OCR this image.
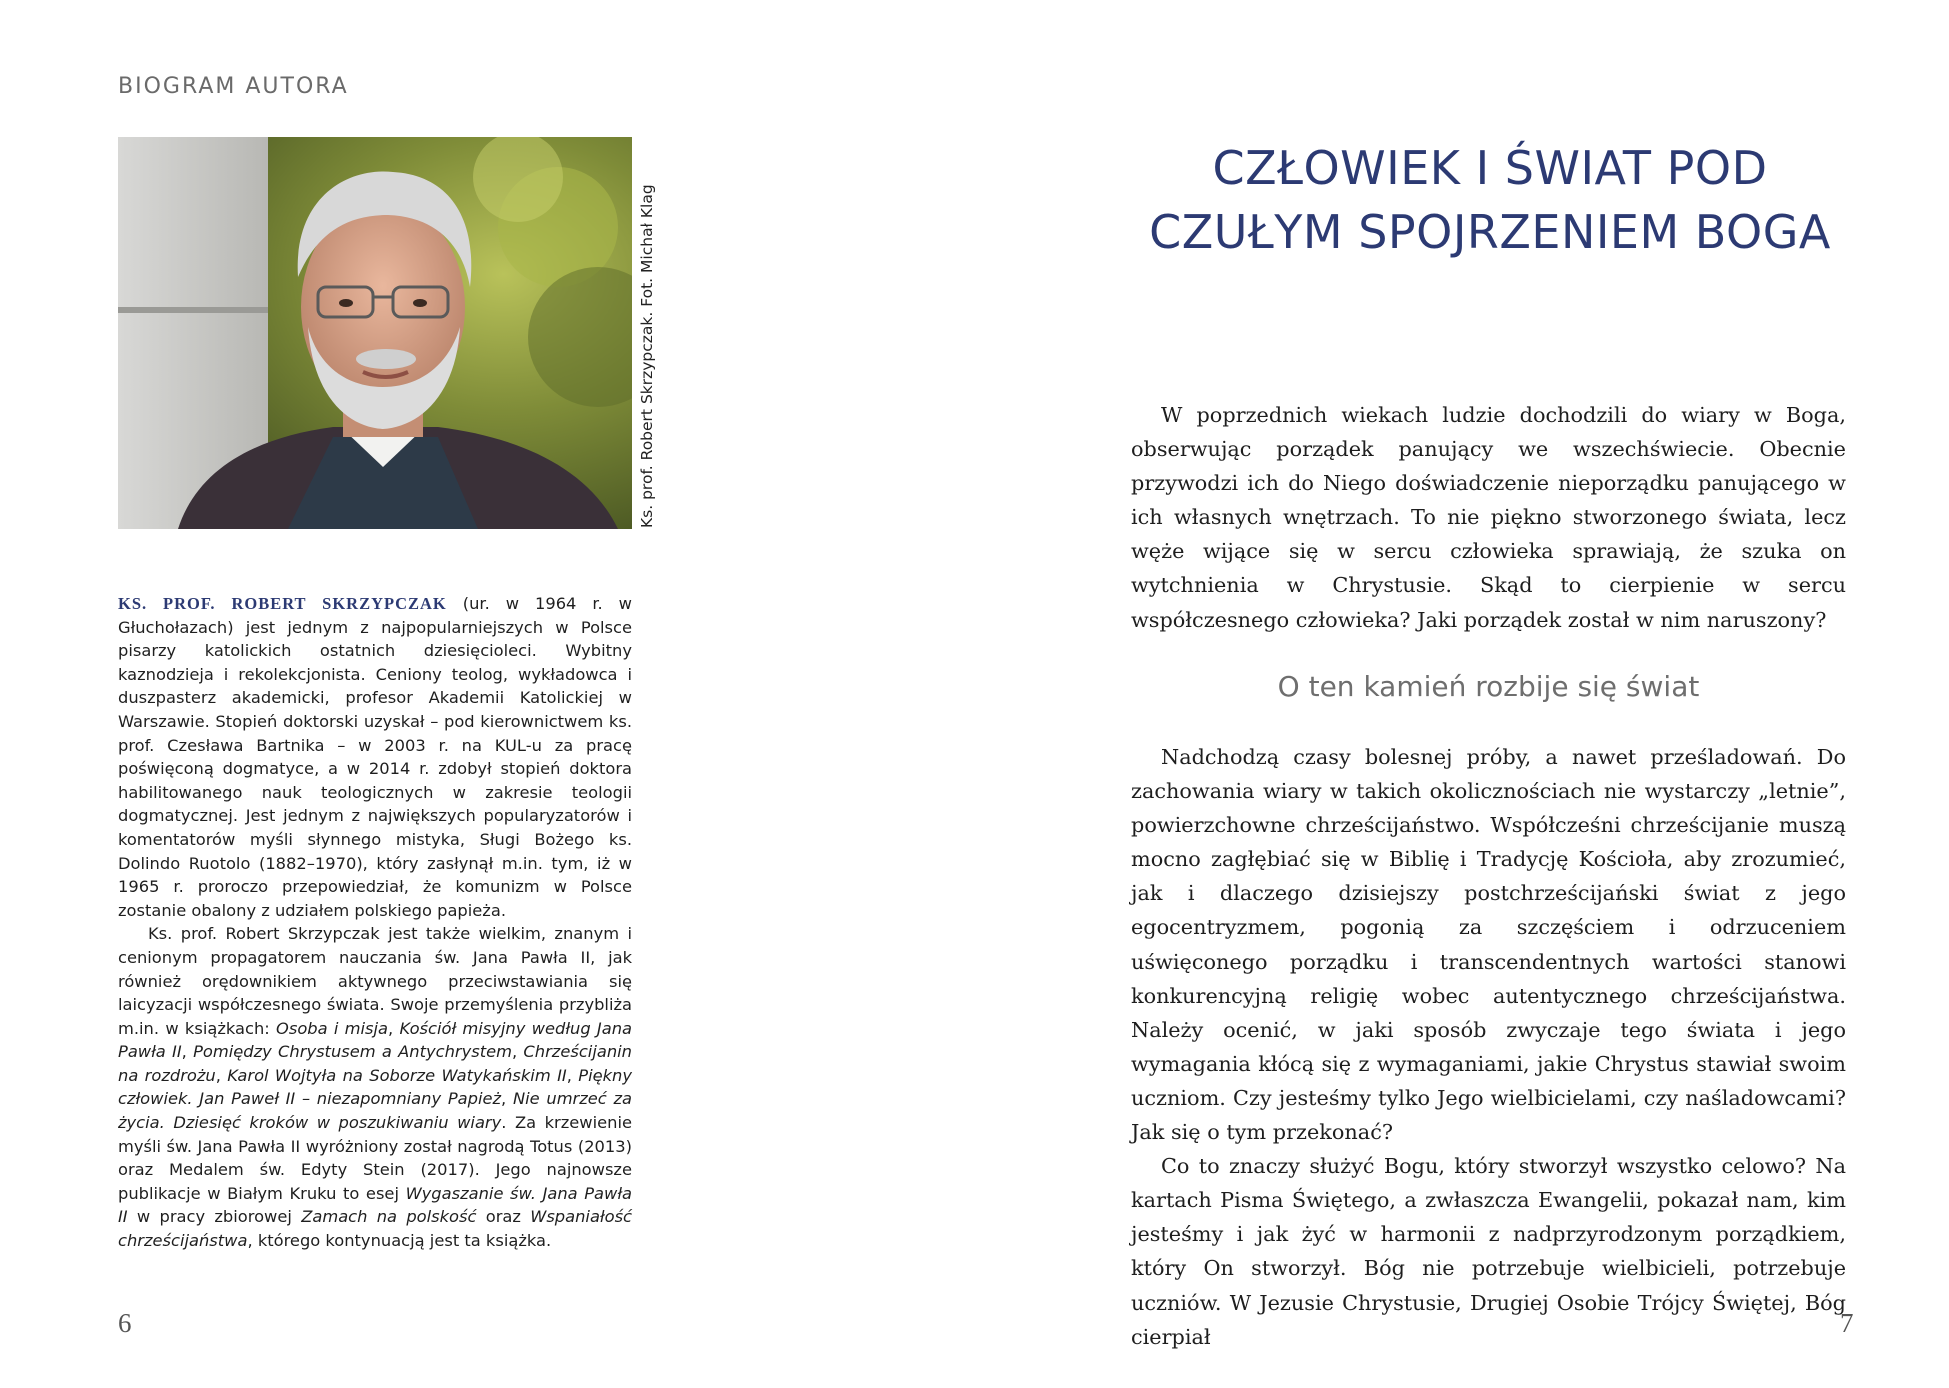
BIOGRAM AUTORA
Ks. prof. Robert Skrzypczak. Fot. Michał Klag

KS. PROF. ROBERT SKRZYPCZAK (ur. w 1964 r. w Głuchołazach) jest jednym z najpopularniejszych w Polsce pisarzy katolickich ostatnich dziesięcioleci. Wybitny kaznodzieja i rekolekcjonista. Ceniony teolog, wykładowca i duszpasterz akademicki, profesor Akademii Katolickiej w Warszawie. Stopień doktorski uzyskał – pod kierownictwem ks. prof. Czesława Bartnika – w 2003 r. na KUL-u za pracę poświęconą dogmatyce, a w 2014 r. zdobył stopień doktora habilitowanego nauk teologicznych w zakresie teologii dogmatycznej. Jest jednym z największych popularyzatorów i komentatorów myśli słynnego mistyka, Sługi Bożego ks. Dolindo Ruotolo (1882–1970), który zasłynął m.in. tym, iż w 1965 r. proroczo przepowiedział, że komunizm w Polsce zostanie obalony z udziałem polskiego papieża.

Ks. prof. Robert Skrzypczak jest także wielkim, znanym i cenionym propagatorem nauczania św. Jana Pawła II, jak również orędownikiem aktywnego przeciwstawiania się laicyzacji współczesnego świata. Swoje przemyślenia przybliża m.in. w książkach: Osoba i misja, Kościół misyjny według Jana Pawła II, Pomiędzy Chrystusem a Antychrystem, Chrześcijanin na rozdrożu, Karol Wojtyła na Soborze Watykańskim II, Piękny człowiek. Jan Paweł II – niezapomniany Papież, Nie umrzeć za życia. Dziesięć kroków w poszukiwaniu wiary. Za krzewienie myśli św. Jana Pawła II wyróżniony został nagrodą Totus (2013) oraz Medalem św. Edyty Stein (2017). Jego najnowsze publikacje w Białym Kruku to esej Wygaszanie św. Jana Pawła II w pracy zbiorowej Zamach na polskość oraz Wspaniałość chrześcijaństwa, którego kontynuacją jest ta książka.

6
CZŁOWIEK I ŚWIAT POD
CZUŁYM SPOJRZENIEM BOGA

W poprzednich wiekach ludzie dochodzili do wiary w Boga, obserwując porządek panujący we wszechświecie. Obecnie przywodzi ich do Niego doświadczenie nieporządku panującego w ich własnych wnętrzach. To nie piękno stworzonego świata, lecz węże wijące się w sercu człowieka sprawiają, że szuka on wytchnienia w Chrystusie. Skąd to cierpienie w sercu współczesnego człowieka? Jaki porządek został w nim naruszony?

O ten kamień rozbije się świat

Nadchodzą czasy bolesnej próby, a nawet prześladowań. Do zachowania wiary w takich okolicznościach nie wystarczy „letnie”, powierzchowne chrześcijaństwo. Współcześni chrześcijanie muszą mocno zagłębiać się w Biblię i Tradycję Kościoła, aby zrozumieć, jak i dlaczego dzisiejszy postchrześcijański świat z jego egocentryzmem, pogonią za szczęściem i odrzuceniem uświęconego porządku i transcendentnych wartości stanowi konkurencyjną religię wobec autentycznego chrześcijaństwa. Należy ocenić, w jaki sposób zwyczaje tego świata i jego wymagania kłócą się z wymaganiami, jakie Chrystus stawiał swoim uczniom. Czy jesteśmy tylko Jego wielbicielami, czy naśladowcami? Jak się o tym przekonać?

Co to znaczy służyć Bogu, który stworzył wszystko celowo? Na kartach Pisma Świętego, a zwłaszcza Ewangelii, pokazał nam, kim jesteśmy i jak żyć w harmonii z nadprzyrodzonym porządkiem, który On stworzył. Bóg nie potrzebuje wielbicieli, potrzebuje uczniów. W Jezusie Chrystusie, Drugiej Osobie Trójcy Świętej, Bóg cierpiał	7
